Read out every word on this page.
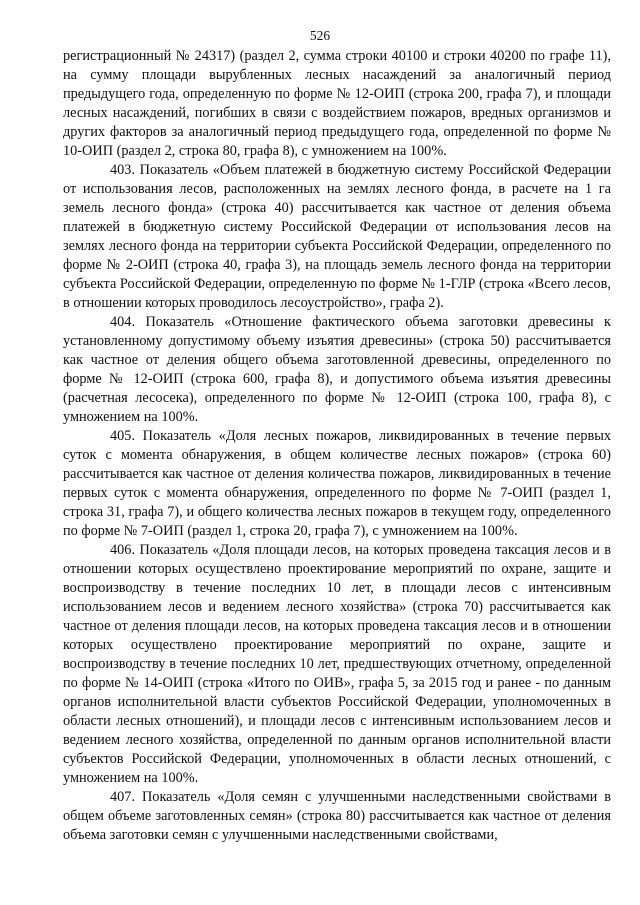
526

регистрационный № 24317) (раздел 2, сумма строки 40100 и строки 40200 по графе 11), на сумму площади вырубленных лесных насаждений за аналогичный период предыдущего года, определенную по форме № 12-ОИП (строка 200, графа 7), и площади лесных насаждений, погибших в связи с воздействием пожаров, вредных организмов и других факторов за аналогичный период предыдущего года, определенной по форме № 10-ОИП (раздел 2, строка 80, графа 8), с умножением на 100%.

403. Показатель «Объем платежей в бюджетную систему Российской Федерации от использования лесов, расположенных на землях лесного фонда, в расчете на 1 га земель лесного фонда» (строка 40) рассчитывается как частное от деления объема платежей в бюджетную систему Российской Федерации от использования лесов на землях лесного фонда на территории субъекта Российской Федерации, определенного по форме № 2-ОИП (строка 40, графа 3), на площадь земель лесного фонда на территории субъекта Российской Федерации, определенную по форме № 1-ГЛР (строка «Всего лесов, в отношении которых проводилось лесоустройство», графа 2).

404. Показатель «Отношение фактического объема заготовки древесины к установленному допустимому объему изъятия древесины» (строка 50) рассчитывается как частное от деления общего объема заготовленной древесины, определенного по форме № 12-ОИП (строка 600, графа 8), и допустимого объема изъятия древесины (расчетная лесосека), определенного по форме № 12-ОИП (строка 100, графа 8), с умножением на 100%.

405. Показатель «Доля лесных пожаров, ликвидированных в течение первых суток с момента обнаружения, в общем количестве лесных пожаров» (строка 60) рассчитывается как частное от деления количества пожаров, ликвидированных в течение первых суток с момента обнаружения, определенного по форме № 7-ОИП (раздел 1, строка 31, графа 7), и общего количества лесных пожаров в текущем году, определенного по форме № 7-ОИП (раздел 1, строка 20, графа 7), с умножением на 100%.

406. Показатель «Доля площади лесов, на которых проведена таксация лесов и в отношении которых осуществлено проектирование мероприятий по охране, защите и воспроизводству в течение последних 10 лет, в площади лесов с интенсивным использованием лесов и ведением лесного хозяйства» (строка 70) рассчитывается как частное от деления площади лесов, на которых проведена таксация лесов и в отношении которых осуществлено проектирование мероприятий по охране, защите и воспроизводству в течение последних 10 лет, предшествующих отчетному, определенной по форме № 14-ОИП (строка «Итого по ОИВ», графа 5, за 2015 год и ранее - по данным органов исполнительной власти субъектов Российской Федерации, уполномоченных в области лесных отношений), и площади лесов с интенсивным использованием лесов и ведением лесного хозяйства, определенной по данным органов исполнительной власти субъектов Российской Федерации, уполномоченных в области лесных отношений, с умножением на 100%.

407. Показатель «Доля семян с улучшенными наследственными свойствами в общем объеме заготовленных семян» (строка 80) рассчитывается как частное от деления объема заготовки семян с улучшенными наследственными свойствами,
